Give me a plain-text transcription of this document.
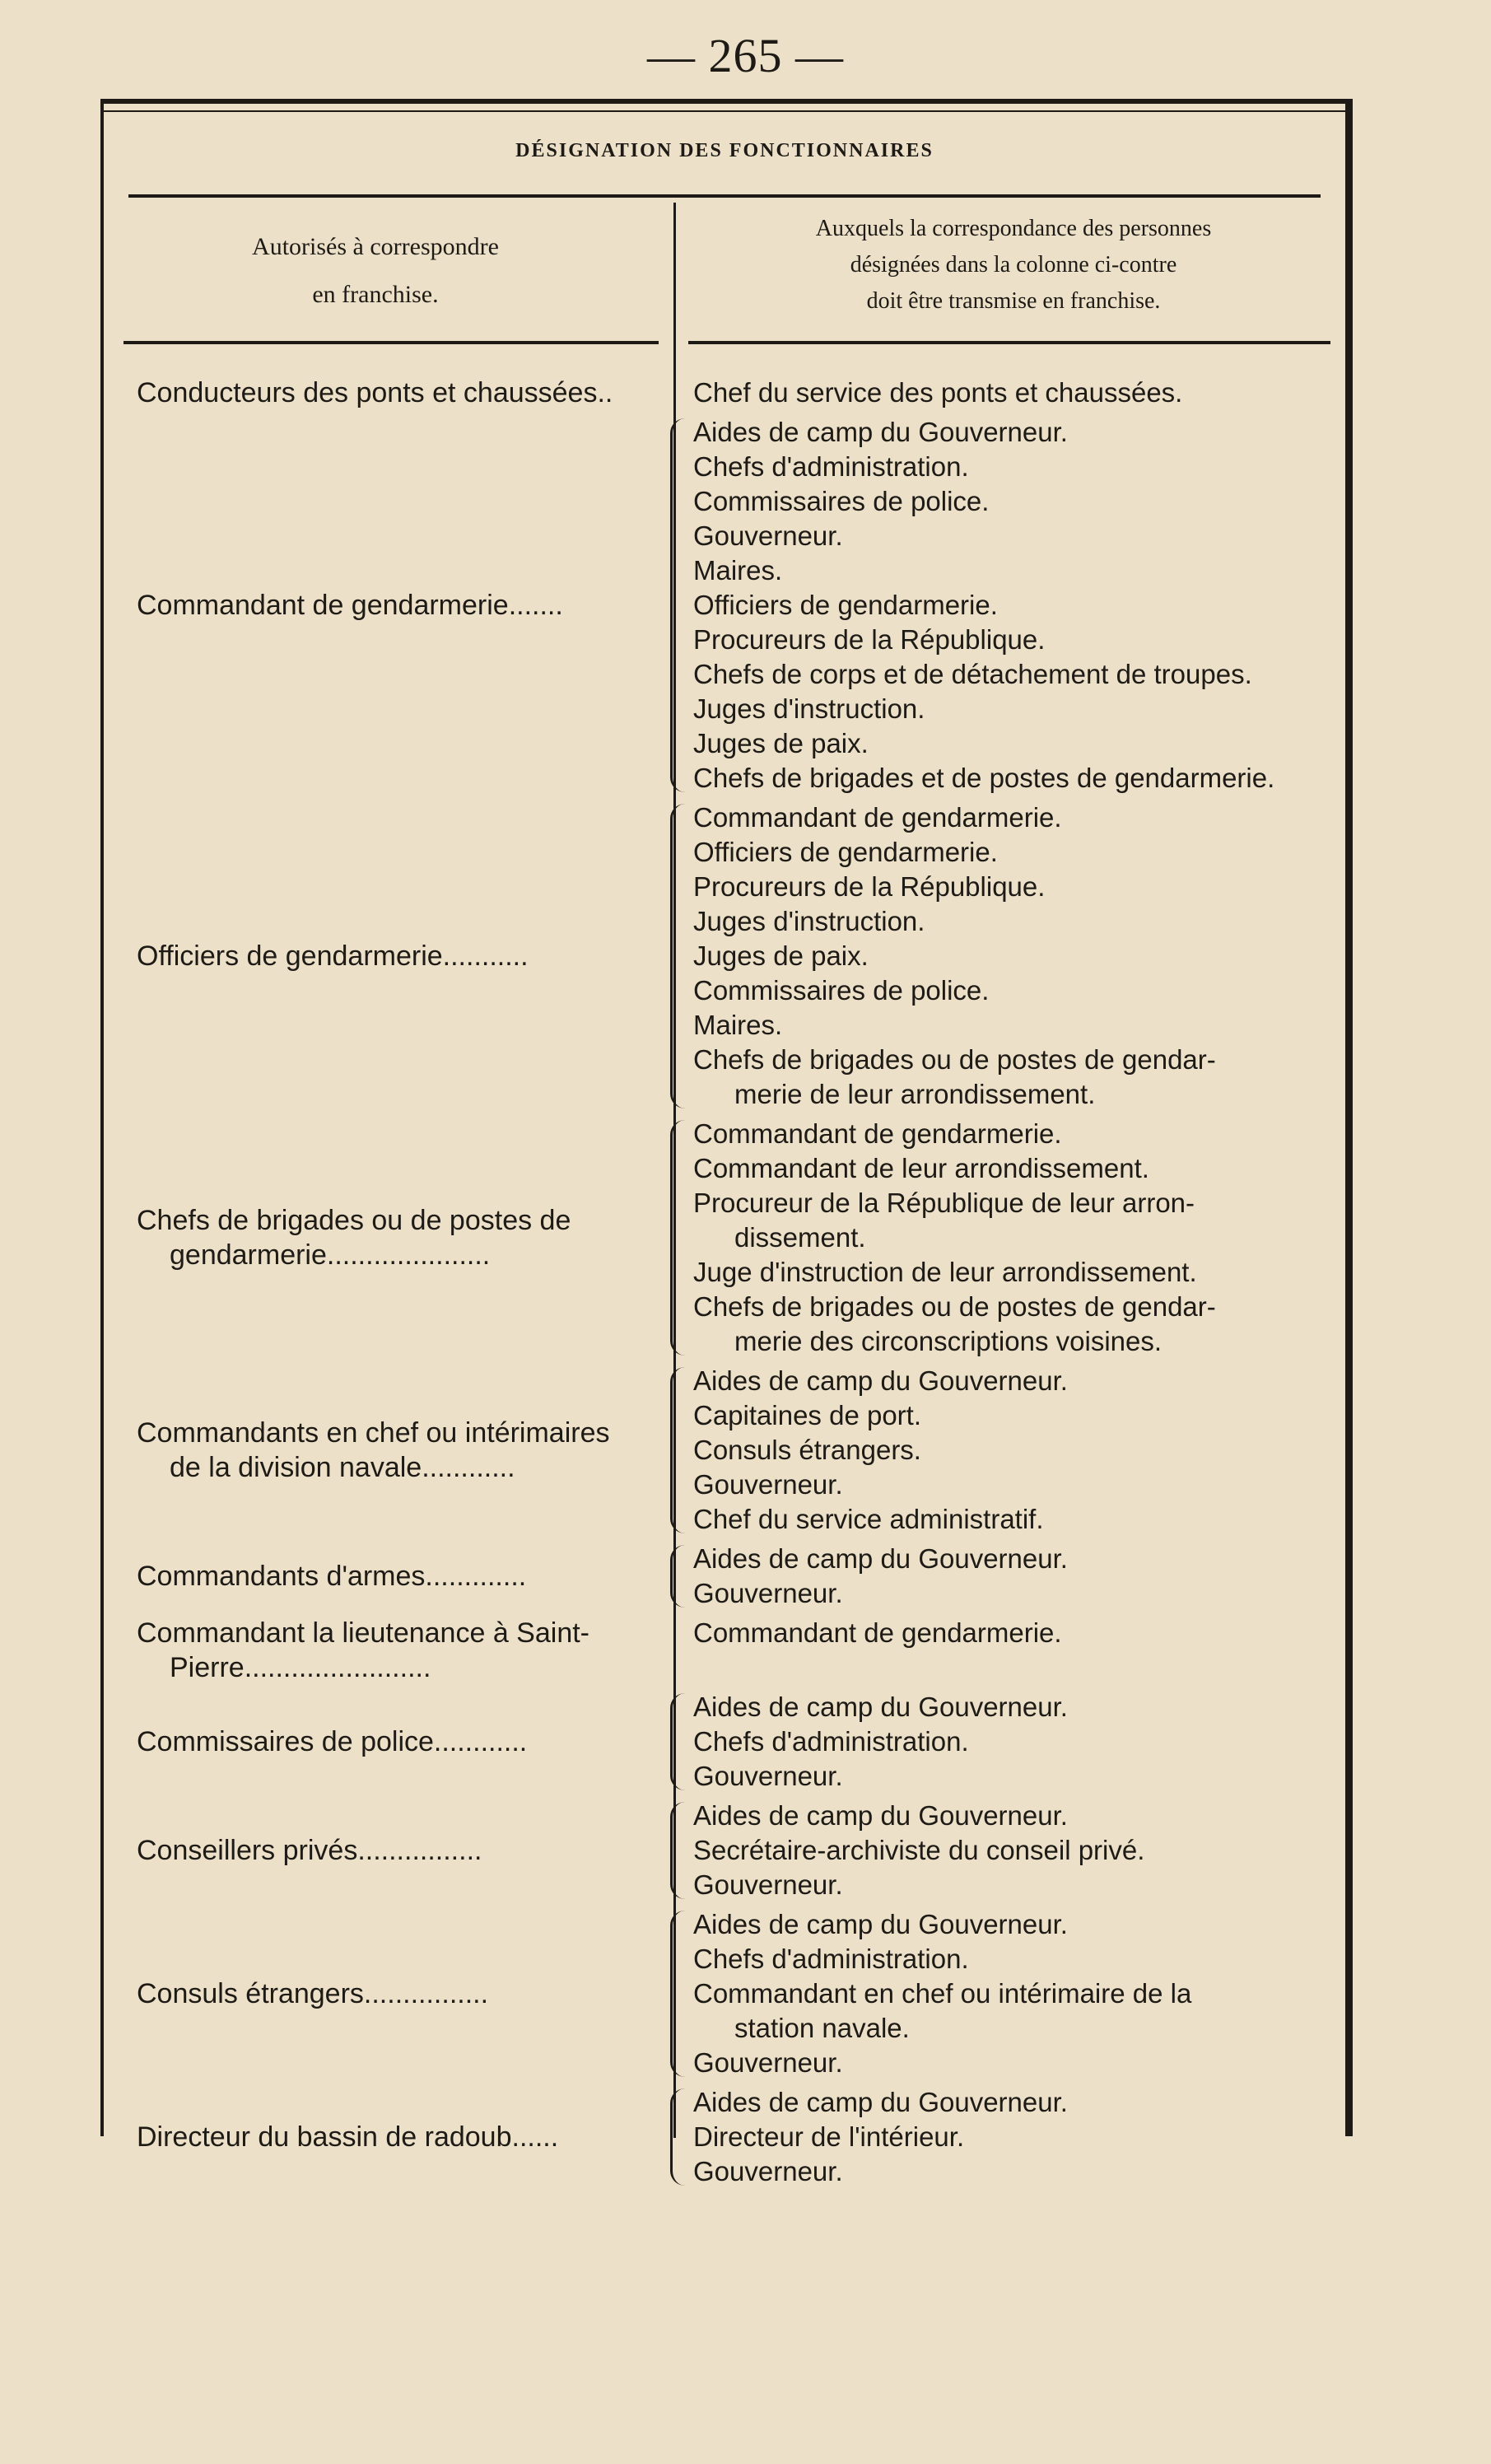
— 265 —
DÉSIGNATION DES FONCTIONNAIRES
Autorisés à correspondre
en franchise.
Auxquels la correspondance des personnes
désignées dans la colonne ci-contre
doit être transmise en franchise.
Conducteurs des ponts et chaussées..	Chef du service des ponts et chaussées.
Commandant de gendarmerie.......
Aides de camp du Gouverneur.
Chefs d'administration.
Commissaires de police.
Gouverneur.
Maires.
Officiers de gendarmerie.
Procureurs de la République.
Chefs de corps et de détachement de troupes.
Juges d'instruction.
Juges de paix.
Chefs de brigades et de postes de gendarmerie.
Officiers de gendarmerie...........
Commandant de gendarmerie.
Officiers de gendarmerie.
Procureurs de la République.
Juges d'instruction.
Juges de paix.
Commissaires de police.
Maires.
Chefs de brigades ou de postes de gendar-
merie de leur arrondissement.
Chefs de brigades ou de postes de
gendarmerie.....................
Commandant de gendarmerie.
Commandant de leur arrondissement.
Procureur de la République de leur arron-
dissement.
Juge d'instruction de leur arrondissement.
Chefs de brigades ou de postes de gendar-
merie des circonscriptions voisines.
Commandants en chef ou intérimaires
de la division navale............
Aides de camp du Gouverneur.
Capitaines de port.
Consuls étrangers.
Gouverneur.
Chef du service administratif.
Commandants d'armes.............
Aides de camp du Gouverneur.
Gouverneur.
Commandant la lieutenance à Saint-
Pierre........................
Commandant de gendarmerie.
Commissaires de police............
Aides de camp du Gouverneur.
Chefs d'administration.
Gouverneur.
Conseillers privés................
Aides de camp du Gouverneur.
Secrétaire-archiviste du conseil privé.
Gouverneur.
Consuls étrangers................
Aides de camp du Gouverneur.
Chefs d'administration.
Commandant en chef ou intérimaire de la
station navale.
Gouverneur.
Directeur du bassin de radoub......
Aides de camp du Gouverneur.
Directeur de l'intérieur.
Gouverneur.
